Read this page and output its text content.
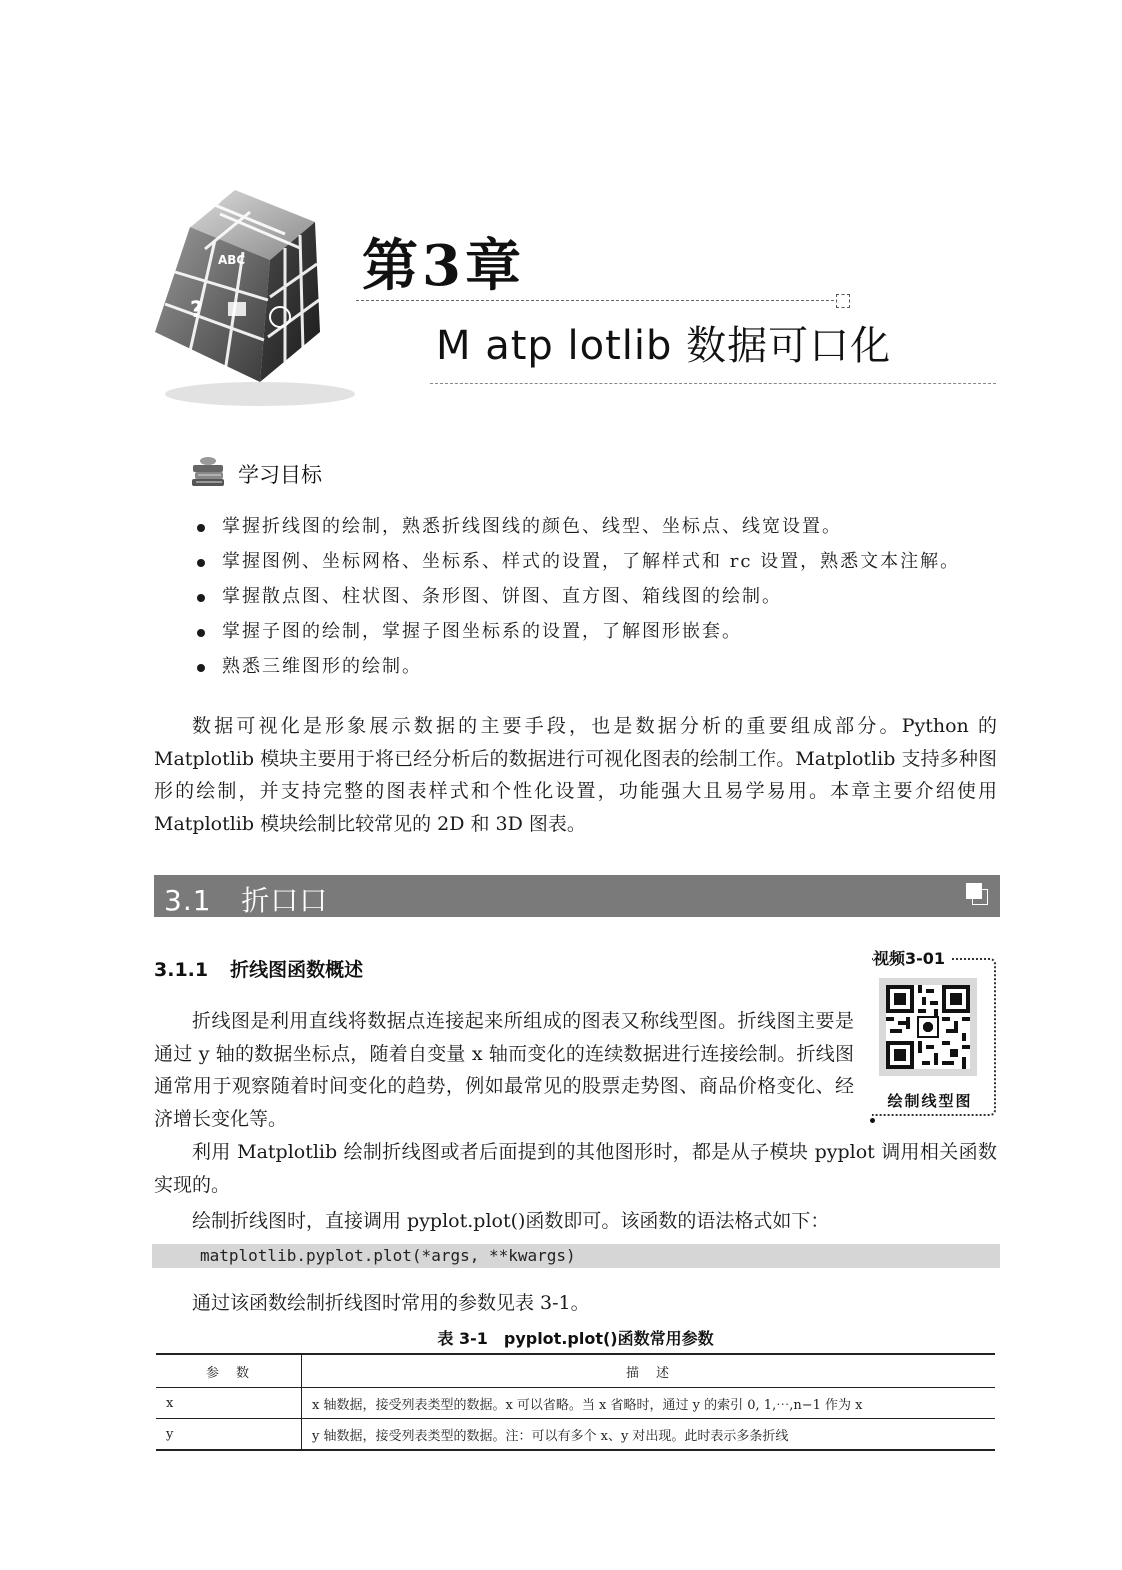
?
ABC 第3章
M atp lotlib 数据可口化
学习目标
掌握折线图的绘制，熟悉折线图线的颜色、线型、坐标点、线宽设置。
掌握图例、坐标网格、坐标系、样式的设置，了解样式和 rc 设置，熟悉文本注解。
掌握散点图、柱状图、条形图、饼图、直方图、箱线图的绘制。
掌握子图的绘制，掌握子图坐标系的设置，了解图形嵌套。
熟悉三维图形的绘制。

数据可视化是形象展示数据的主要手段，也是数据分析的重要组成部分。Python 的 Matplotlib 模块主要用于将已经分析后的数据进行可视化图表的绘制工作。Matplotlib 支持多种图形的绘制，并支持完整的图表样式和个性化设置，功能强大且易学易用。本章主要介绍使用 Matplotlib 模块绘制比较常见的 2D 和 3D 图表。

3.1 折口口
3.1.1 折线图函数概述
视频3-01
绘制线型图

折线图是利用直线将数据点连接起来所组成的图表又称线型图。折线图主要是通过 y 轴的数据坐标点，随着自变量 x 轴而变化的连续数据进行连接绘制。折线图通常用于观察随着时间变化的趋势，例如最常见的股票走势图、商品价格变化、经济增长变化等。

利用 Matplotlib 绘制折线图或者后面提到的其他图形时，都是从子模块 pyplot 调用相关函数实现的。

绘制折线图时，直接调用 pyplot.plot()函数即可。该函数的语法格式如下：

matplotlib.pyplot.plot(*args, **kwargs)

通过该函数绘制折线图时常用的参数见表 3-1。

表 3-1 pyplot.plot()函数常用参数
参　数	描　述
x	x 轴数据，接受列表类型的数据。x 可以省略。当 x 省略时，通过 y 的索引 0, 1,⋯,n−1 作为 x
y	y 轴数据，接受列表类型的数据。注：可以有多个 x、y 对出现。此时表示多条折线
